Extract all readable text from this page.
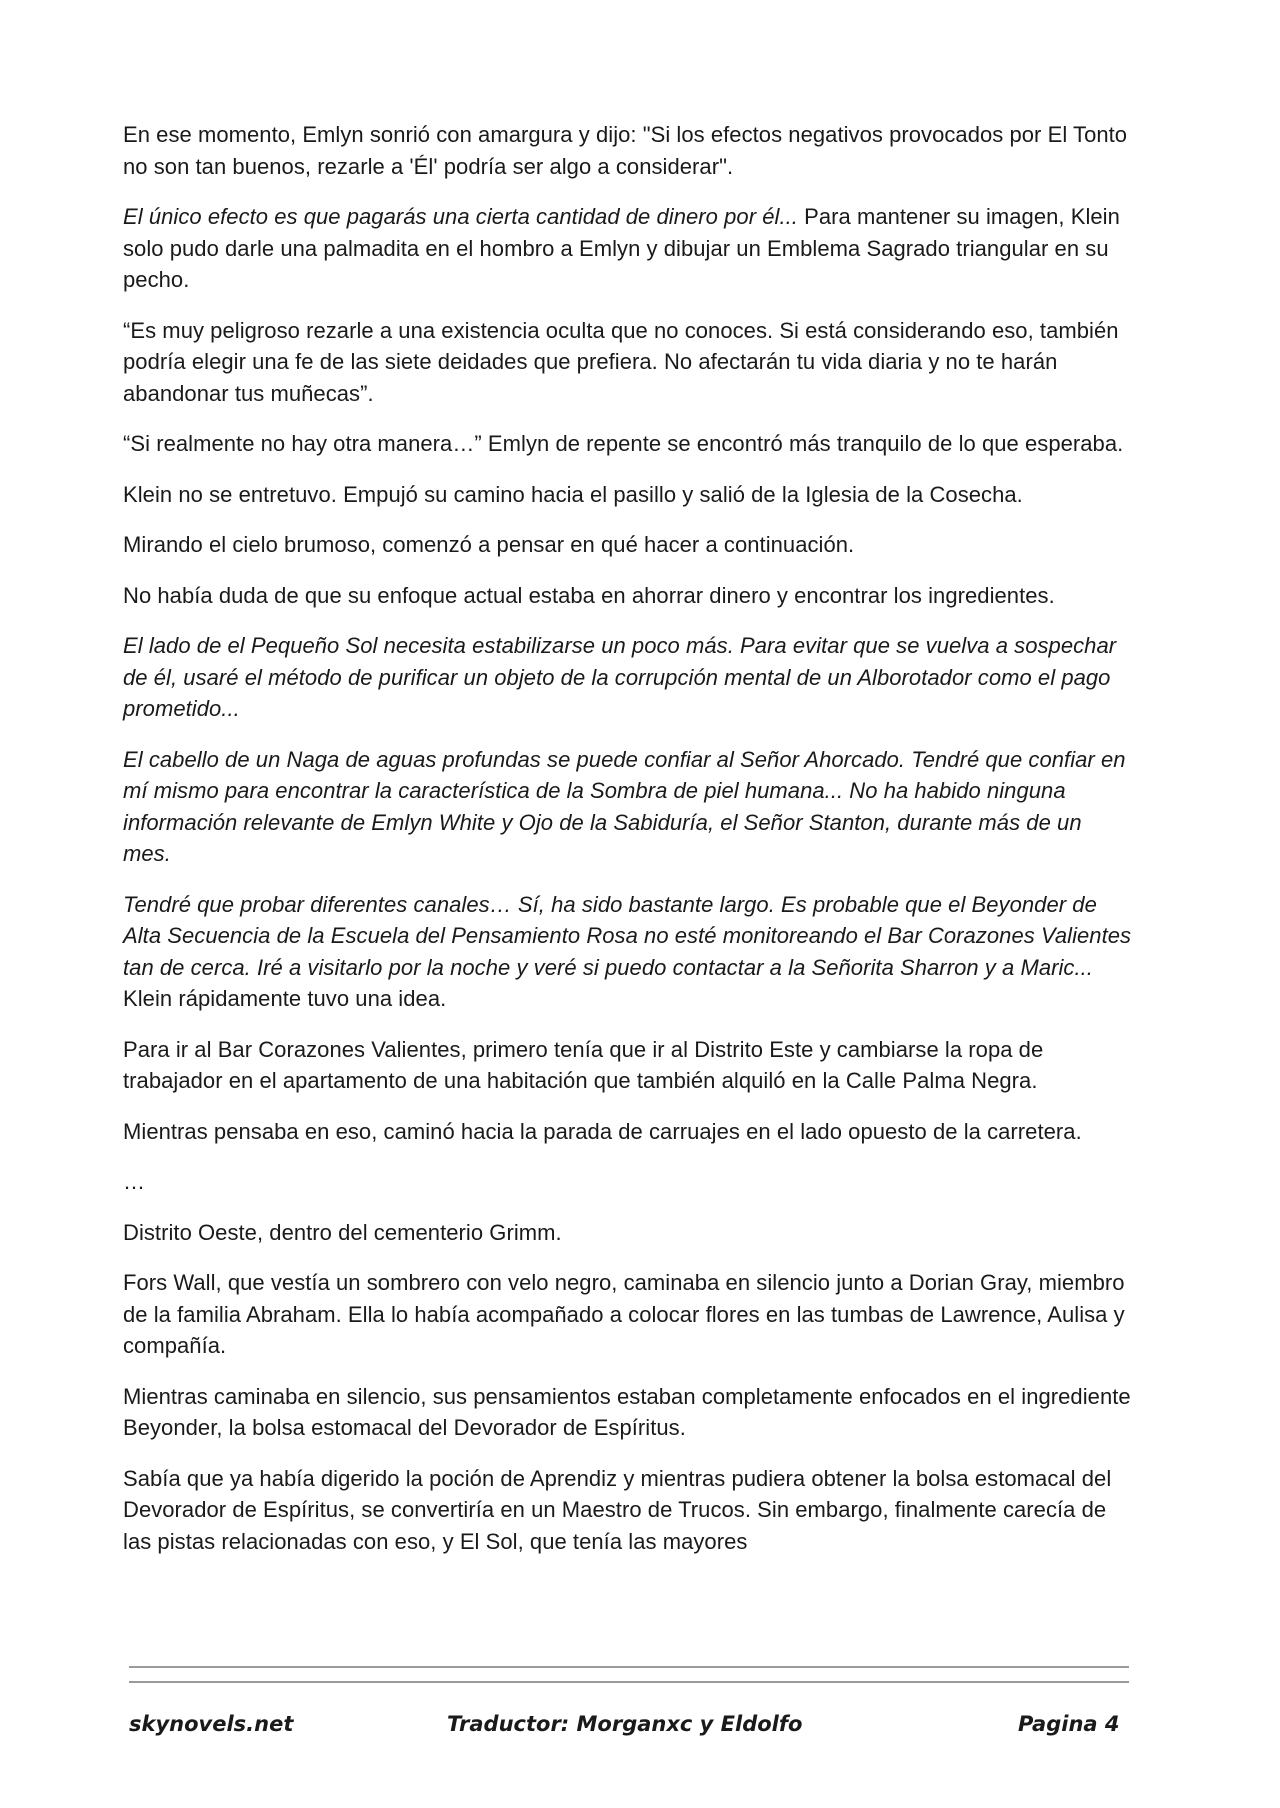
En ese momento, Emlyn sonrió con amargura y dijo: "Si los efectos negativos provocados por El Tonto no son tan buenos, rezarle a 'Él' podría ser algo a considerar".

El único efecto es que pagarás una cierta cantidad de dinero por él... Para mantener su imagen, Klein solo pudo darle una palmadita en el hombro a Emlyn y dibujar un Emblema Sagrado triangular en su pecho.

“Es muy peligroso rezarle a una existencia oculta que no conoces. Si está considerando eso, también podría elegir una fe de las siete deidades que prefiera. No afectarán tu vida diaria y no te harán abandonar tus muñecas”.

“Si realmente no hay otra manera…” Emlyn de repente se encontró más tranquilo de lo que esperaba.

Klein no se entretuvo. Empujó su camino hacia el pasillo y salió de la Iglesia de la Cosecha.

Mirando el cielo brumoso, comenzó a pensar en qué hacer a continuación.

No había duda de que su enfoque actual estaba en ahorrar dinero y encontrar los ingredientes.

El lado de el Pequeño Sol necesita estabilizarse un poco más. Para evitar que se vuelva a sospechar de él, usaré el método de purificar un objeto de la corrupción mental de un Alborotador como el pago prometido...

El cabello de un Naga de aguas profundas se puede confiar al Señor Ahorcado. Tendré que confiar en mí mismo para encontrar la característica de la Sombra de piel humana... No ha habido ninguna información relevante de Emlyn White y Ojo de la Sabiduría, el Señor Stanton, durante más de un mes.

Tendré que probar diferentes canales… Sí, ha sido bastante largo. Es probable que el Beyonder de Alta Secuencia de la Escuela del Pensamiento Rosa no esté monitoreando el Bar Corazones Valientes tan de cerca. Iré a visitarlo por la noche y veré si puedo contactar a la Señorita Sharron y a Maric... Klein rápidamente tuvo una idea.

Para ir al Bar Corazones Valientes, primero tenía que ir al Distrito Este y cambiarse la ropa de trabajador en el apartamento de una habitación que también alquiló en la Calle Palma Negra.

Mientras pensaba en eso, caminó hacia la parada de carruajes en el lado opuesto de la carretera.

…

Distrito Oeste, dentro del cementerio Grimm.

Fors Wall, que vestía un sombrero con velo negro, caminaba en silencio junto a Dorian Gray, miembro de la familia Abraham. Ella lo había acompañado a colocar flores en las tumbas de Lawrence, Aulisa y compañía.

Mientras caminaba en silencio, sus pensamientos estaban completamente enfocados en el ingrediente Beyonder, la bolsa estomacal del Devorador de Espíritus.

Sabía que ya había digerido la poción de Aprendiz y mientras pudiera obtener la bolsa estomacal del Devorador de Espíritus, se convertiría en un Maestro de Trucos. Sin embargo, finalmente carecía de las pistas relacionadas con eso, y El Sol, que tenía las mayores

skynovels.net	Traductor: Morganxc y Eldolfo	Pagina 4
